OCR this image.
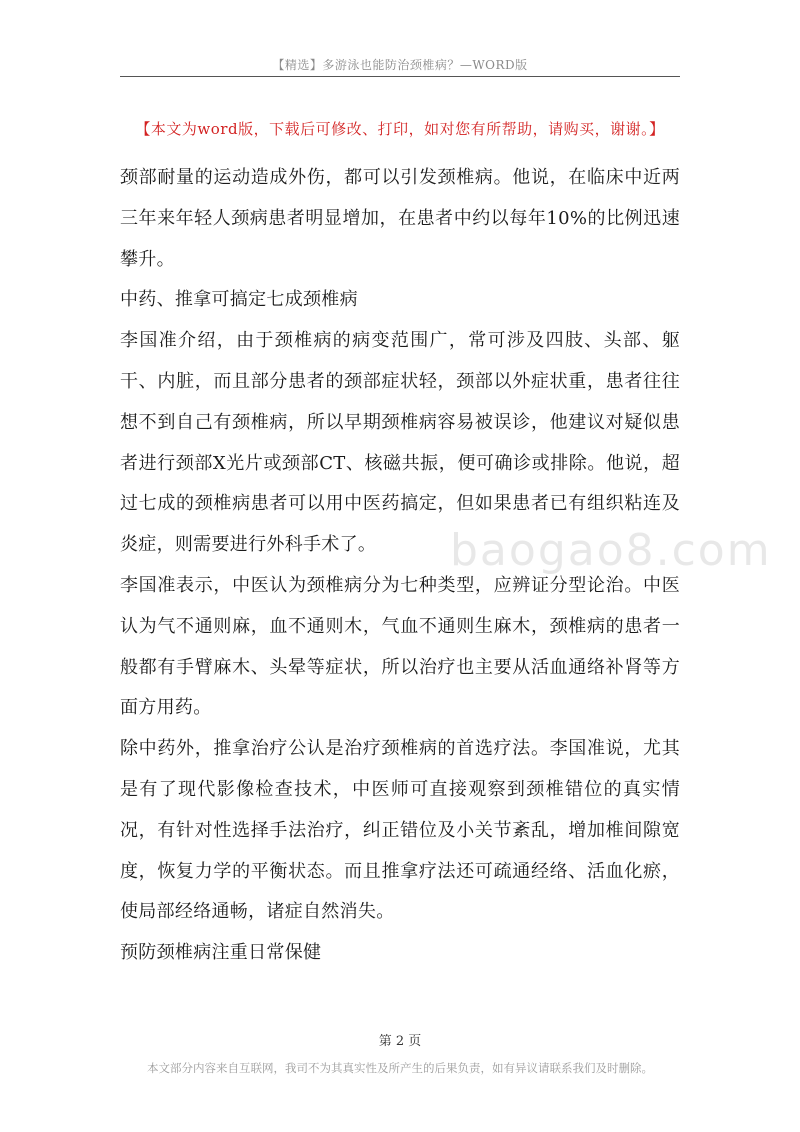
【精选】多游泳也能防治颈椎病？—WORD版
【本文为word版，下载后可修改、打印，如对您有所帮助，请购买，谢谢。】

颈部耐量的运动造成外伤，都可以引发颈椎病。他说，在临床中近两三年来年轻人颈病患者明显增加，在患者中约以每年10%的比例迅速攀升。

中药、推拿可搞定七成颈椎病

李国准介绍，由于颈椎病的病变范围广，常可涉及四肢、头部、躯干、内脏，而且部分患者的颈部症状轻，颈部以外症状重，患者往往想不到自己有颈椎病，所以早期颈椎病容易被误诊，他建议对疑似患者进行颈部X光片或颈部CT、核磁共振，便可确诊或排除。他说，超过七成的颈椎病患者可以用中医药搞定，但如果患者已有组织粘连及炎症，则需要进行外科手术了。

李国准表示，中医认为颈椎病分为七种类型，应辨证分型论治。中医认为气不通则麻，血不通则木，气血不通则生麻木，颈椎病的患者一般都有手臂麻木、头晕等症状，所以治疗也主要从活血通络补肾等方面方用药。

除中药外，推拿治疗公认是治疗颈椎病的首选疗法。李国准说，尤其是有了现代影像检查技术，中医师可直接观察到颈椎错位的真实情况，有针对性选择手法治疗，纠正错位及小关节紊乱，增加椎间隙宽度，恢复力学的平衡状态。而且推拿疗法还可疏通经络、活血化瘀，使局部经络通畅，诸症自然消失。

预防颈椎病注重日常保健

baogao8.com
第 2 页
本文部分内容来自互联网，我司不为其真实性及所产生的后果负责，如有异议请联系我们及时删除。
